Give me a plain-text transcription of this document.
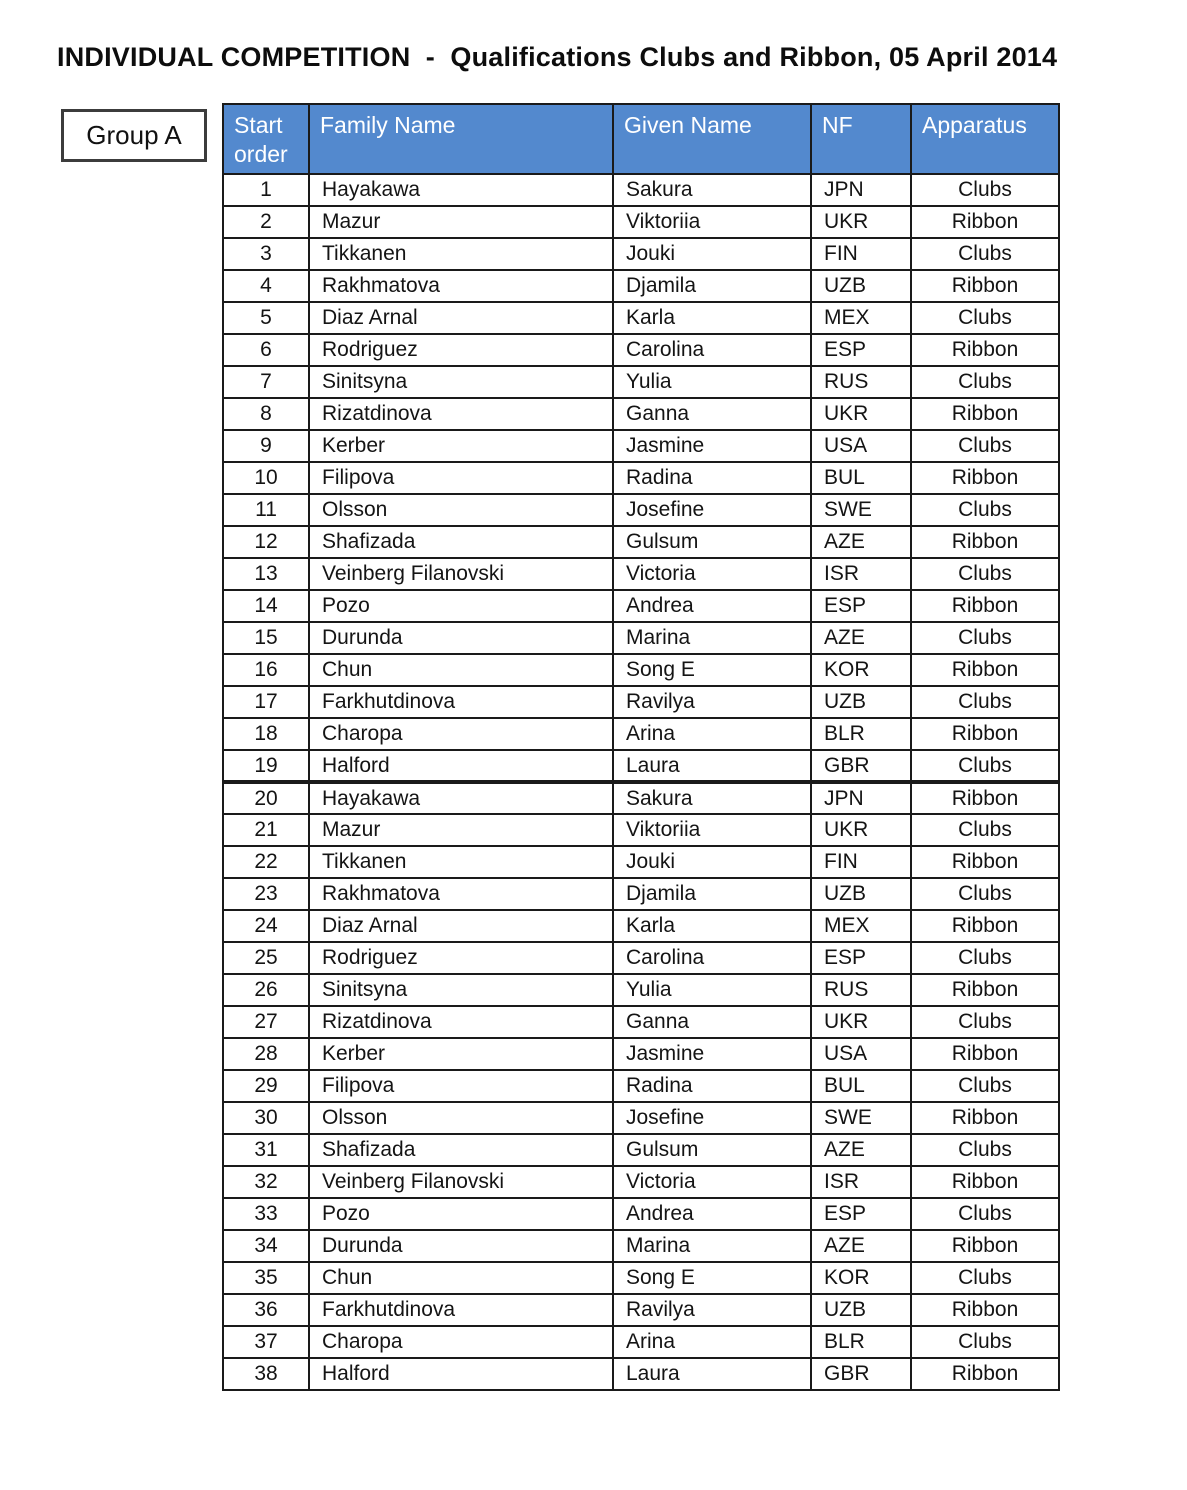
INDIVIDUAL COMPETITION  -  Qualifications Clubs and Ribbon, 05 April 2014
Group A Start order	Family Name	Given Name	NF	Apparatus
1	Hayakawa	Sakura	JPN	Clubs
2	Mazur	Viktoriia	UKR	Ribbon
3	Tikkanen	Jouki	FIN	Clubs
4	Rakhmatova	Djamila	UZB	Ribbon
5	Diaz Arnal	Karla	MEX	Clubs
6	Rodriguez	Carolina	ESP	Ribbon
7	Sinitsyna	Yulia	RUS	Clubs
8	Rizatdinova	Ganna	UKR	Ribbon
9	Kerber	Jasmine	USA	Clubs
10	Filipova	Radina	BUL	Ribbon
11	Olsson	Josefine	SWE	Clubs
12	Shafizada	Gulsum	AZE	Ribbon
13	Veinberg Filanovski	Victoria	ISR	Clubs
14	Pozo	Andrea	ESP	Ribbon
15	Durunda	Marina	AZE	Clubs
16	Chun	Song E	KOR	Ribbon
17	Farkhutdinova	Ravilya	UZB	Clubs
18	Charopa	Arina	BLR	Ribbon
19	Halford	Laura	GBR	Clubs
20	Hayakawa	Sakura	JPN	Ribbon
21	Mazur	Viktoriia	UKR	Clubs
22	Tikkanen	Jouki	FIN	Ribbon
23	Rakhmatova	Djamila	UZB	Clubs
24	Diaz Arnal	Karla	MEX	Ribbon
25	Rodriguez	Carolina	ESP	Clubs
26	Sinitsyna	Yulia	RUS	Ribbon
27	Rizatdinova	Ganna	UKR	Clubs
28	Kerber	Jasmine	USA	Ribbon
29	Filipova	Radina	BUL	Clubs
30	Olsson	Josefine	SWE	Ribbon
31	Shafizada	Gulsum	AZE	Clubs
32	Veinberg Filanovski	Victoria	ISR	Ribbon
33	Pozo	Andrea	ESP	Clubs
34	Durunda	Marina	AZE	Ribbon
35	Chun	Song E	KOR	Clubs
36	Farkhutdinova	Ravilya	UZB	Ribbon
37	Charopa	Arina	BLR	Clubs
38	Halford	Laura	GBR	Ribbon
